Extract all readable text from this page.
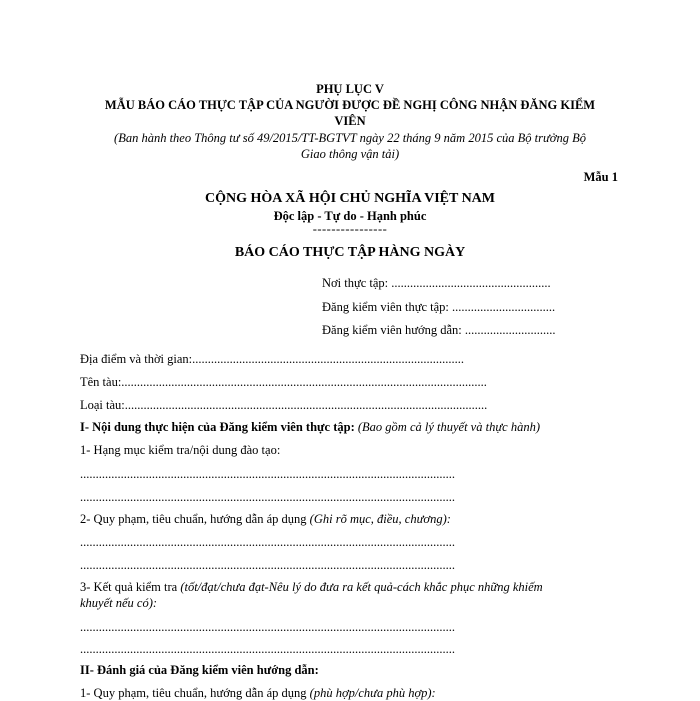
PHỤ LỤC V
MẪU BÁO CÁO THỰC TẬP CỦA NGƯỜI ĐƯỢC ĐỀ NGHỊ CÔNG NHẬN ĐĂNG KIỂM
VIÊN
(Ban hành theo Thông tư số 49/2015/TT-BGTVT ngày 22 tháng 9 năm 2015 của Bộ trưởng Bộ
Giao thông vận tải)
Mẫu 1
CỘNG HÒA XÃ HỘI CHỦ NGHĨA VIỆT NAM
Độc lập - Tự do - Hạnh phúc
----------------
BÁO CÁO THỰC TẬP HÀNG NGÀY
Nơi thực tập: ...................................................
Đăng kiểm viên thực tập: .................................
Đăng kiểm viên hướng dẫn: .............................
Địa điểm và thời gian:.......................................................................................
Tên tàu:.....................................................................................................................
Loại tàu:....................................................................................................................
I- Nội dung thực hiện của Đăng kiểm viên thực tập: (Bao gồm cả lý thuyết và thực hành)
1- Hạng mục kiểm tra/nội dung đào tạo:
........................................................................................................................
........................................................................................................................
2- Quy phạm, tiêu chuẩn, hướng dẫn áp dụng (Ghi rõ mục, điều, chương):
........................................................................................................................
........................................................................................................................
3- Kết quả kiểm tra (tốt/đạt/chưa đạt-Nêu lý do đưa ra kết quả-cách khắc phục những khiếm
khuyết nếu có):
........................................................................................................................
........................................................................................................................
II- Đánh giá của Đăng kiểm viên hướng dẫn:
1- Quy phạm, tiêu chuẩn, hướng dẫn áp dụng (phù hợp/chưa phù hợp):
